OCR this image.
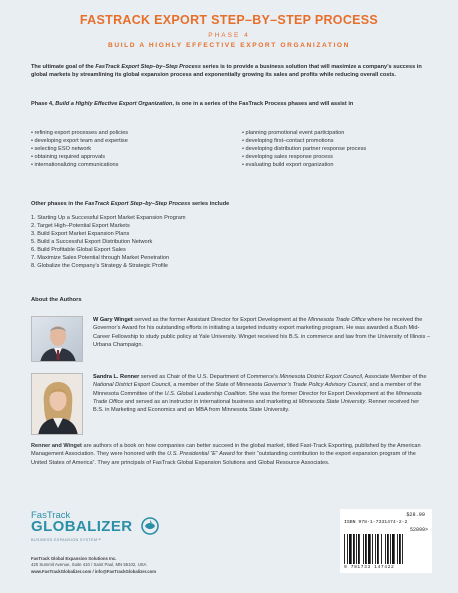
FASTRACK EXPORT STEP–BY–STEP PROCESS
PHASE 4
BUILD A HIGHLY EFFECTIVE EXPORT ORGANIZATION
The ultimate goal of the FasTrack Export Step–by–Step Process series is to provide a business solution that will maximize a company’s success in global markets by streamlining its global expansion process and exponentially growing its sales and profits while reducing overall costs.
Phase 4, Build a Highly Effective Export Organization, is one in a series of the FasTrack Process phases and will assist in
• refining export processes and policies
• developing export team and expertise
• selecting ESO network
• obtaining required approvals
• internationalizing communications
• planning promotional event participation
• developing first–contact promotions
• developing distribution partner response process
• developing sales response process
• evaluating build export organization
Other phases in the FasTrack Export Step–by–Step Process series include
1. Starting Up a Successful Export Market Expansion Program
2. Target High–Potential Export Markets
3. Build Export Market Expansion Plans
5. Build a Successful Export Distribution Network
6. Build Profitable Global Export Sales
7. Maximize Sales Potential through Market Penetration
8. Globalize the Company’s Strategy & Strategic Profile
About the Authors
W Gary Winget served as the former Assistant Director for Export Development at the Minnesota Trade Office where he received the Governor’s Award for his outstanding efforts in initiating a targeted industry export marketing program. He was awarded a Bush Mid-Career Fellowship to study public policy at Yale University. Winget received his B.S. in commerce and law from the University of Illinois – Urbana Champaign.
Sandra L. Renner served as Chair of the U.S. Department of Commerce’s Minnesota District Export Council, Associate Member of the National District Export Council, a member of the State of Minnesota Governor’s Trade Policy Advisory Council, and a member of the Minnesota Committee of the U.S. Global Leadership Coalition. She was the former Director for Export Development at the Minnesota Trade Office and served as an instructor in international business and marketing at Minnesota State University. Renner received her B.S. in Marketing and Economics and an MBA from Minnesota State University.
Renner and Winget are authors of a book on how companies can better succeed in the global market, titled Fast-Track Exporting, published by the American Management Association. They were honored with the U.S. Presidential “E” Award for their “outstanding contribution to the export expansion program of the United States of America”. They are principals of FasTrack Global Expansion Solutions and Global Resource Associates.
FasTrack
GLOBALIZER
BUSINESS EXPANSION SYSTEM™
FasTrack Global Expansion Solutions Inc.
420 Summit Avenue, Suite 410 / Saint Paul, MN 55102, USA
www.FasTrackGlobalizer.com / info@FasTrackGlobalizer.com
$28.99
ISBN 978-1-7331474-2-2
52899>
9 781733 147422
